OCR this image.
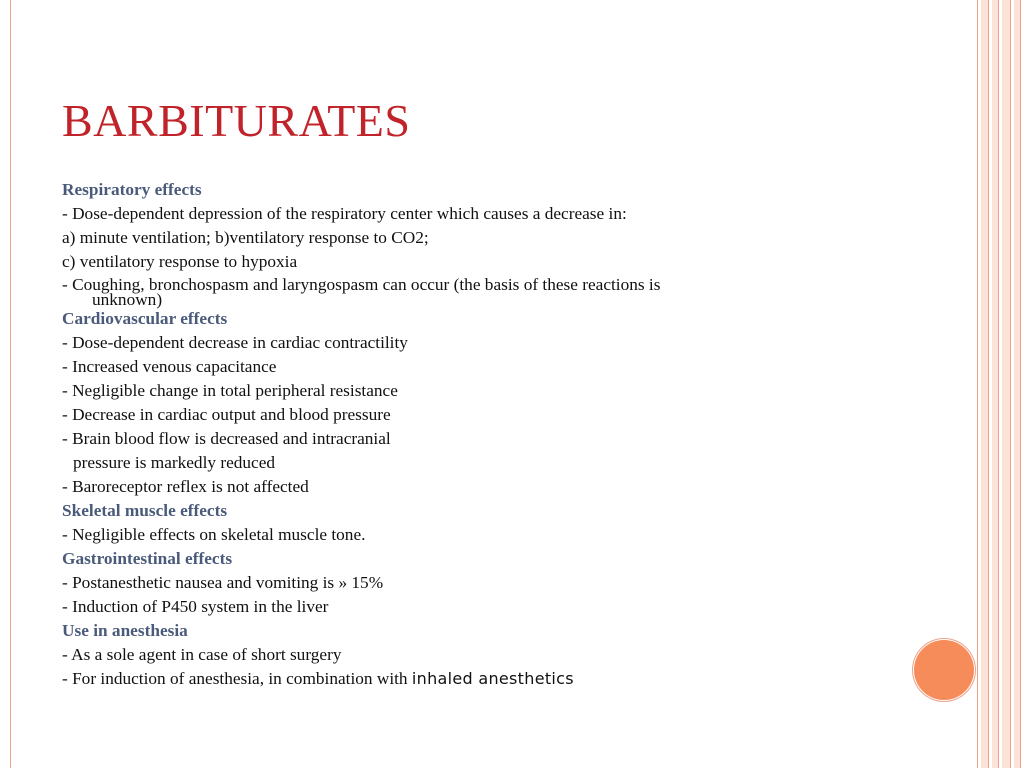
BARBITURATES
Respiratory effects
- Dose-dependent depression of the respiratory center which causes a decrease in:
a) minute ventilation; b)ventilatory response to CO2;
c) ventilatory response to hypoxia
- Coughing, bronchospasm and laryngospasm can occur (the basis of these reactions is
unknown)
Cardiovascular effects
- Dose-dependent decrease in cardiac contractility
- Increased venous capacitance
- Negligible change in total peripheral resistance
- Decrease in cardiac output and blood pressure
- Brain blood flow is decreased and intracranial
pressure is markedly reduced
- Baroreceptor reflex is not affected
Skeletal muscle effects
- Negligible effects on skeletal muscle tone.
Gastrointestinal effects
- Postanesthetic nausea and vomiting is » 15%
- Induction of P450 system in the liver
Use in anesthesia
- As a sole agent in case of short surgery
- For induction of anesthesia, in combination with inhaled anesthetics
